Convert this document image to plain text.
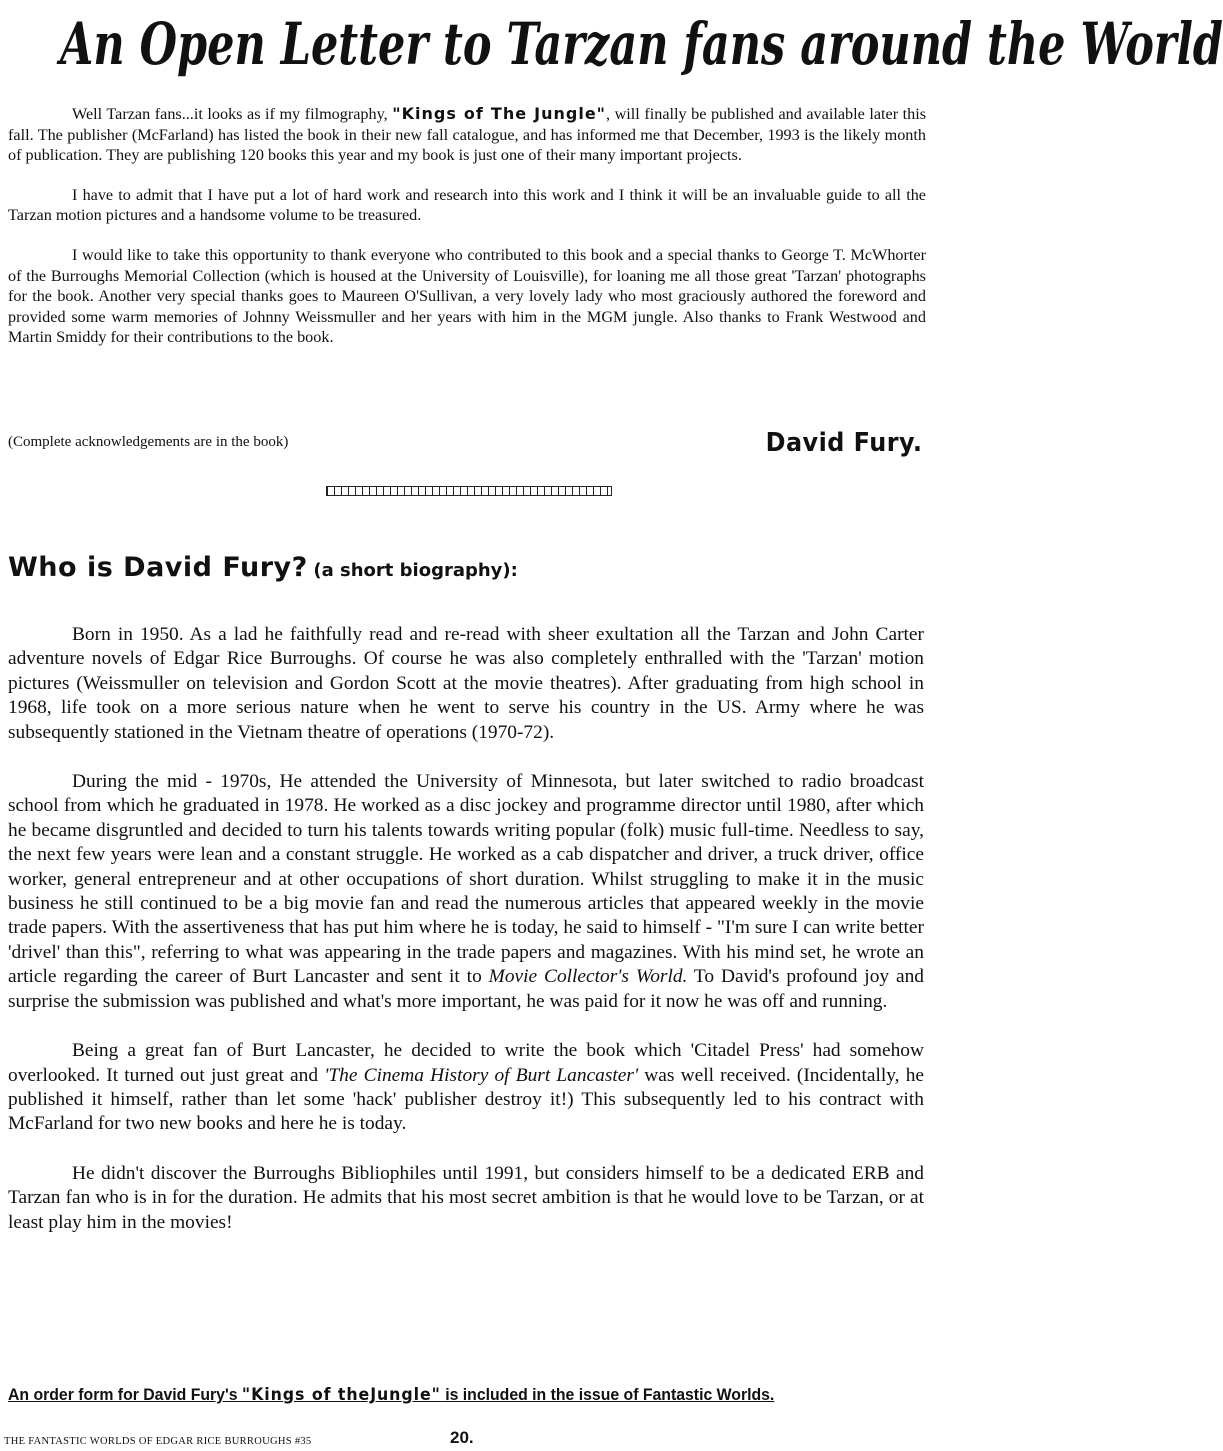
An Open Letter to Tarzan fans around the World

Well Tarzan fans...it looks as if my filmography, "Kings of The Jungle", will finally be published and available later this fall. The publisher (McFarland) has listed the book in their new fall catalogue, and has informed me that December, 1993 is the likely month of publication. They are publishing 120 books this year and my book is just one of their many important projects.

I have to admit that I have put a lot of hard work and research into this work and I think it will be an invaluable guide to all the Tarzan motion pictures and a handsome volume to be treasured.

I would like to take this opportunity to thank everyone who contributed to this book and a special thanks to George T. McWhorter of the Burroughs Memorial Collection (which is housed at the University of Louisville), for loaning me all those great 'Tarzan' photographs for the book. Another very special thanks goes to Maureen O'Sullivan, a very lovely lady who most graciously authored the foreword and provided some warm memories of Johnny Weissmuller and her years with him in the MGM jungle. Also thanks to Frank Westwood and Martin Smiddy for their contributions to the book.

(Complete acknowledgements are in the book)	David Fury.
Who is David Fury? (a short biography):

Born in 1950. As a lad he faithfully read and re-read with sheer exultation all the Tarzan and John Carter adventure novels of Edgar Rice Burroughs. Of course he was also completely enthralled with the 'Tarzan' motion pictures (Weissmuller on television and Gordon Scott at the movie theatres). After graduating from high school in 1968, life took on a more serious nature when he went to serve his country in the US. Army where he was subsequently stationed in the Vietnam theatre of operations (1970-72).

During the mid - 1970s, He attended the University of Minnesota, but later switched to radio broadcast school from which he graduated in 1978. He worked as a disc jockey and programme director until 1980, after which he became disgruntled and decided to turn his talents towards writing popular (folk) music full-time. Needless to say, the next few years were lean and a constant struggle. He worked as a cab dispatcher and driver, a truck driver, office worker, general entrepreneur and at other occupations of short duration. Whilst struggling to make it in the music business he still continued to be a big movie fan and read the numerous articles that appeared weekly in the movie trade papers. With the assertiveness that has put him where he is today, he said to himself - "I'm sure I can write better 'drivel' than this", referring to what was appearing in the trade papers and magazines. With his mind set, he wrote an article regarding the career of Burt Lancaster and sent it to Movie Collector's World. To David's profound joy and surprise the submission was published and what's more important, he was paid for it now he was off and running.

Being a great fan of Burt Lancaster, he decided to write the book which 'Citadel Press' had somehow overlooked. It turned out just great and 'The Cinema History of Burt Lancaster' was well received. (Incidentally, he published it himself, rather than let some 'hack' publisher destroy it!) This subsequently led to his contract with McFarland for two new books and here he is today.

He didn't discover the Burroughs Bibliophiles until 1991, but considers himself to be a dedicated ERB and Tarzan fan who is in for the duration. He admits that his most secret ambition is that he would love to be Tarzan, or at least play him in the movies!

An order form for David Fury's "Kings of theJungle" is included in the issue of Fantastic Worlds.
THE FANTASTIC WORLDS OF EDGAR RICE BURROUGHS #35	20.
